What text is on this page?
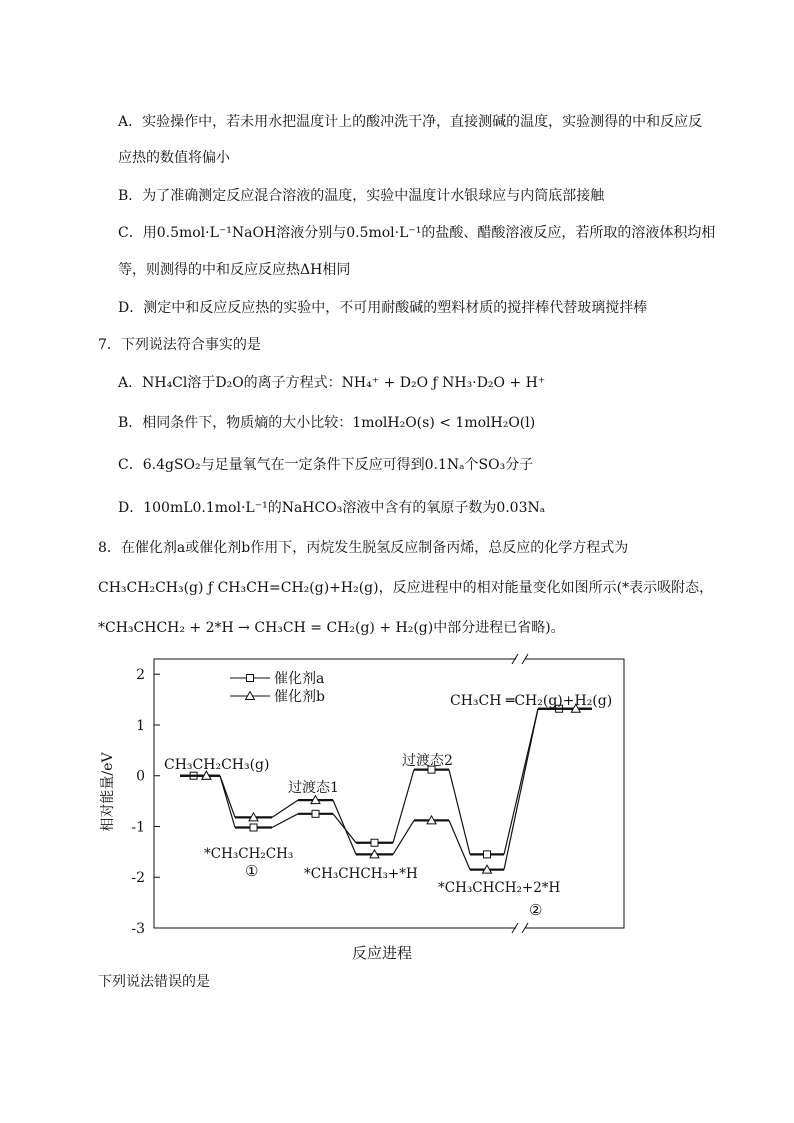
A．实验操作中，若未用水把温度计上的酸冲洗干净，直接测碱的温度，实验测得的中和反应反
应热的数值将偏小
B．为了准确测定反应混合溶液的温度，实验中温度计水银球应与内筒底部接触
C．用0.5mol·L⁻¹NaOH溶液分别与0.5mol·L⁻¹的盐酸、醋酸溶液反应，若所取的溶液体积均相
等，则测得的中和反应反应热ΔH相同
D．测定中和反应反应热的实验中，不可用耐酸碱的塑料材质的搅拌棒代替玻璃搅拌棒
7．下列说法符合事实的是
A．NH₄Cl溶于D₂O的离子方程式：NH₄⁺ + D₂O ƒ NH₃·D₂O + H⁺
B．相同条件下，物质熵的大小比较：1molH₂O(s) < 1molH₂O(l)
C．6.4gSO₂与足量氧气在一定条件下反应可得到0.1Nₐ个SO₃分子
D．100mL0.1mol·L⁻¹的NaHCO₃溶液中含有的氧原子数为0.03Nₐ
8．在催化剂a或催化剂b作用下，丙烷发生脱氢反应制备丙烯，总反应的化学方程式为
CH₃CH₂CH₃(g) ƒ CH₃CH=CH₂(g)+H₂(g)，反应进程中的相对能量变化如图所示(*表示吸附态，
*CH₃CHCH₂ + 2*H → CH₃CH = CH₂(g) + H₂(g)中部分进程已省略)。
2
1
0
-1
-2
-3
催化剂a
催化剂b
CH₃CH₂CH₃(g)
*CH₃CH₂CH₃
①
过渡态1
*CH₃CHCH₃+*H
过渡态2
*CH₃CHCH₂+2*H
②
CH₃CH ═CH₂(g)+H₂(g)
反应进程
相对能量/eV
下列说法错误的是
